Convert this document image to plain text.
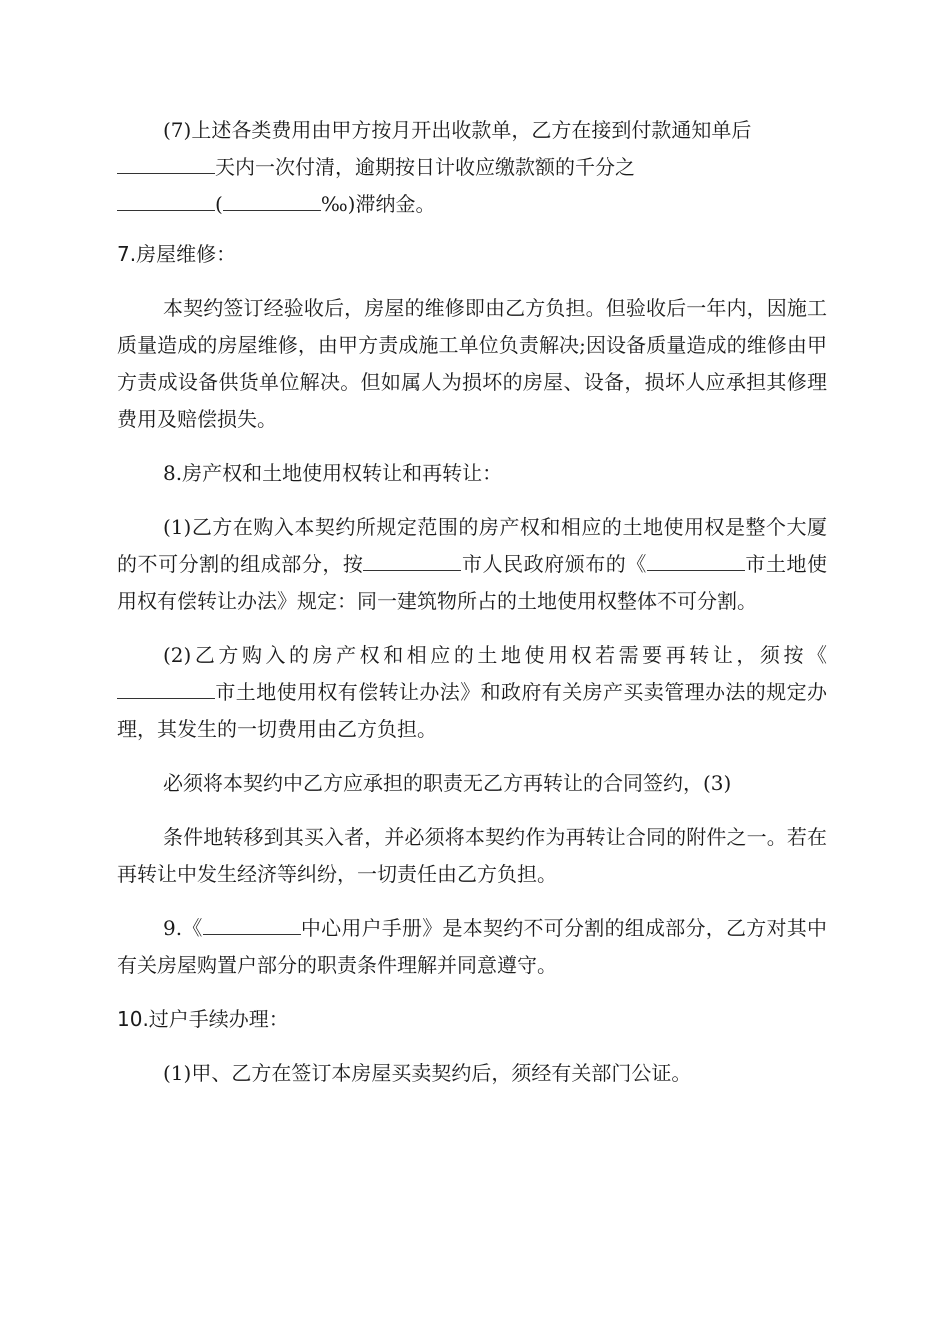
(7)上述各类费用由甲方按月开出收款单，乙方在接到付款通知单后
天内一次付清，逾期按日计收应缴款额的千分之
(	‰)滞纳金。

7.房屋维修：

本契约签订经验收后，房屋的维修即由乙方负担。但验收后一年内，因施工质量造成的房屋维修，由甲方责成施工单位负责解决;因设备质量造成的维修由甲方责成设备供货单位解决。但如属人为损坏的房屋、设备，损坏人应承担其修理费用及赔偿损失。

8.房产权和土地使用权转让和再转让：

(1)乙方在购入本契约所规定范围的房产权和相应的土地使用权是整个大厦的不可分割的组成部分，按	市人民政府颁布的《	市土地使用权有偿转让办法》规定：同一建筑物所占的土地使用权整体不可分割。

(2)乙方购入的房产权和相应的土地使用权若需要再转让，须按《市土地使用权有偿转让办法》和政府有关房产买卖管理办法的规定办理，其发生的一切费用由乙方负担。

必须将本契约中乙方应承担的职责无乙方再转让的合同签约，(3)

条件地转移到其买入者，并必须将本契约作为再转让合同的附件之一。若在再转让中发生经济等纠纷，一切责任由乙方负担。

9.《	中心用户手册》是本契约不可分割的组成部分，乙方对其中有关房屋购置户部分的职责条件理解并同意遵守。

10.过户手续办理：

(1)甲、乙方在签订本房屋买卖契约后，须经有关部门公证。
